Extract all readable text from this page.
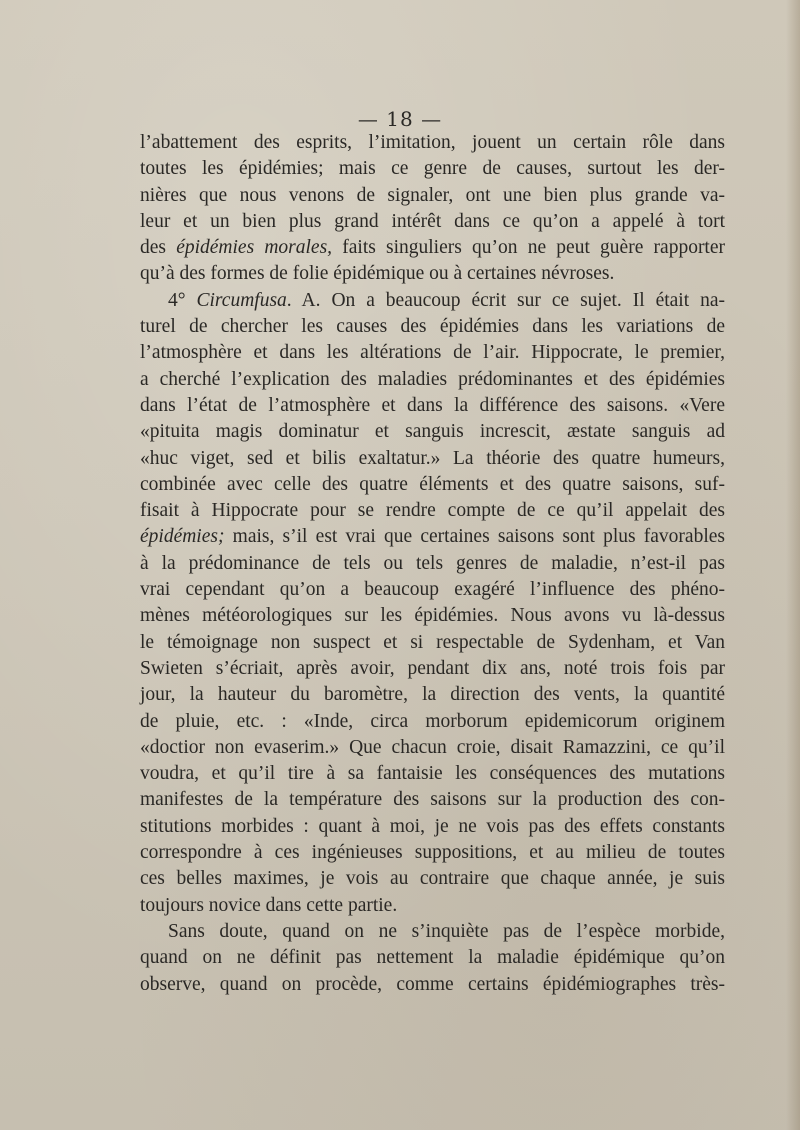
— 18 —
l’abattement des esprits, l’imitation, jouent un certain rôle dans
toutes les épidémies; mais ce genre de causes, surtout les der-
nières que nous venons de signaler, ont une bien plus grande va-
leur et un bien plus grand intérêt dans ce qu’on a appelé à tort
des épidémies morales, faits singuliers qu’on ne peut guère rapporter
qu’à des formes de folie épidémique ou à certaines névroses.
4° Circumfusa. A. On a beaucoup écrit sur ce sujet. Il était na-
turel de chercher les causes des épidémies dans les variations de
l’atmosphère et dans les altérations de l’air. Hippocrate, le premier,
a cherché l’explication des maladies prédominantes et des épidémies
dans l’état de l’atmosphère et dans la différence des saisons. «Vere
«pituita magis dominatur et sanguis increscit, æstate sanguis ad
«huc viget, sed et bilis exaltatur.» La théorie des quatre humeurs,
combinée avec celle des quatre éléments et des quatre saisons, suf-
fisait à Hippocrate pour se rendre compte de ce qu’il appelait des
épidémies; mais, s’il est vrai que certaines saisons sont plus favorables
à la prédominance de tels ou tels genres de maladie, n’est-il pas
vrai cependant qu’on a beaucoup exagéré l’influence des phéno-
mènes météorologiques sur les épidémies. Nous avons vu là-dessus
le témoignage non suspect et si respectable de Sydenham, et Van
Swieten s’écriait, après avoir, pendant dix ans, noté trois fois par
jour, la hauteur du baromètre, la direction des vents, la quantité
de pluie, etc. : «Inde, circa morborum epidemicorum originem
«doctior non evaserim.» Que chacun croie, disait Ramazzini, ce qu’il
voudra, et qu’il tire à sa fantaisie les conséquences des mutations
manifestes de la température des saisons sur la production des con-
stitutions morbides : quant à moi, je ne vois pas des effets constants
correspondre à ces ingénieuses suppositions, et au milieu de toutes
ces belles maximes, je vois au contraire que chaque année, je suis
toujours novice dans cette partie.
Sans doute, quand on ne s’inquiète pas de l’espèce morbide,
quand on ne définit pas nettement la maladie épidémique qu’on
observe, quand on procède, comme certains épidémiographes très-
